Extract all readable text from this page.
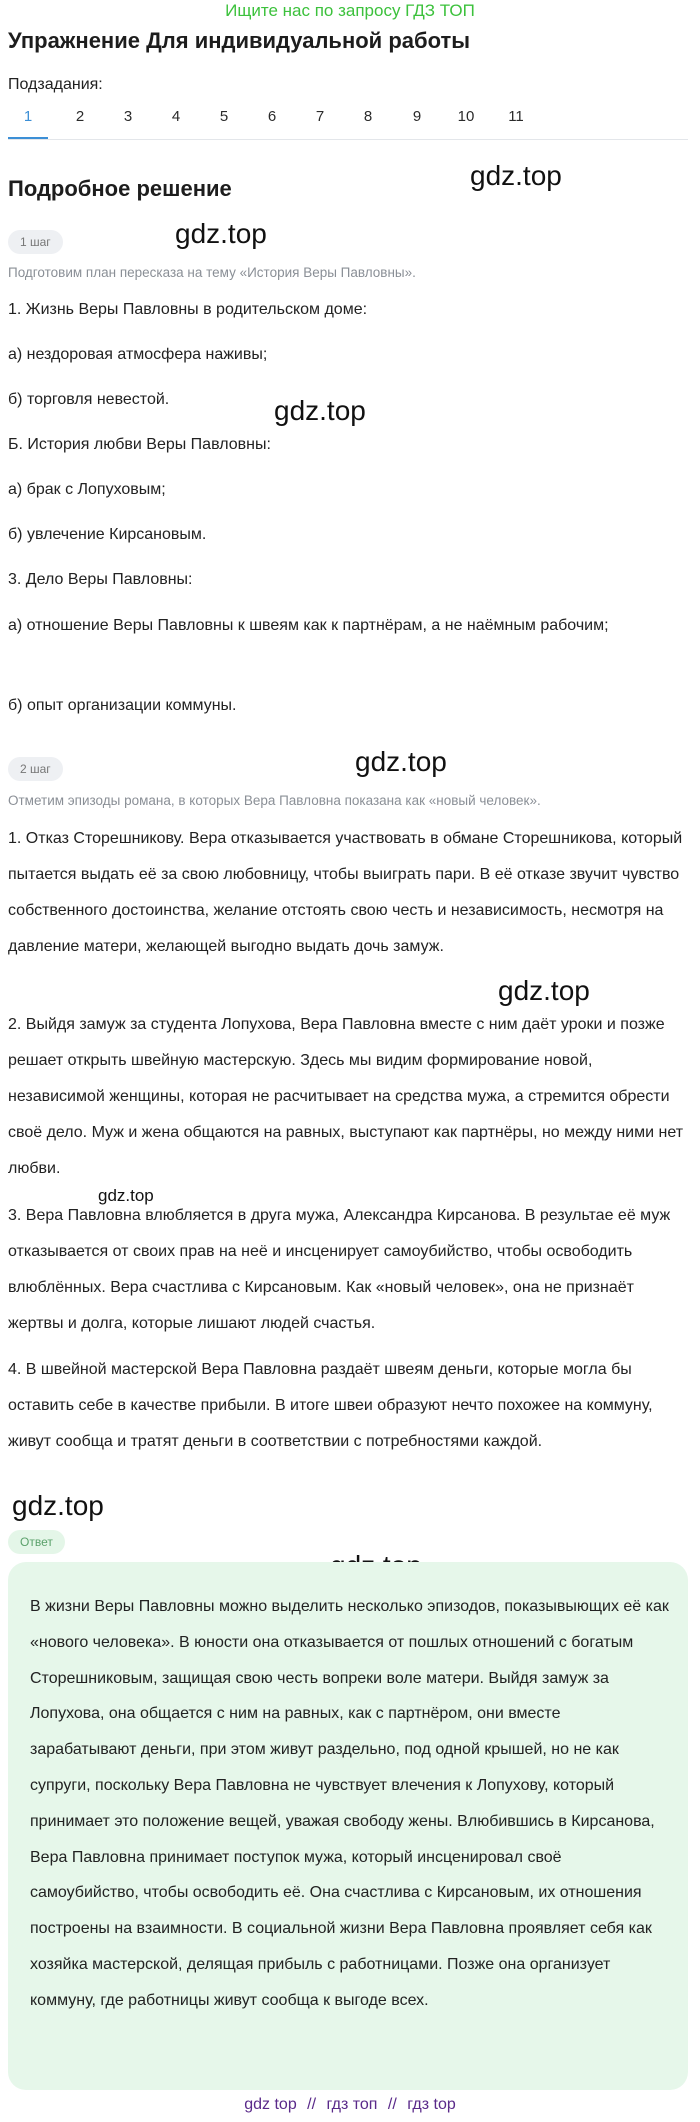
Ищите нас по запросу ГДЗ ТОП
Упражнение Для индивидуальной работы
Подзадания:
1	2	3	4	5	6	7	8	9	10	11
Подробное решение	gdz.top
gdz.top
gdz.top
gdz.top
gdz.top
gdz.top
gdz.top
1 шаг
Подготовим план пересказа на тему «История Веры Павловны».
1. Жизнь Веры Павловны в родительском доме:
а) нездоровая атмосфера наживы;
б) торговля невестой.
Б. История любви Веры Павловны:
а) брак с Лопуховым;
б) увлечение Кирсановым.
3. Дело Веры Павловны:
а) отношение Веры Павловны к швеям как к партнёрам, а не наёмным рабочим;
б) опыт организации коммуны.
2 шаг
Отметим эпизоды романа, в которых Вера Павловна показана как «новый человек».
1. Отказ Сторешникову. Вера отказывается участвовать в обмане Сторешникова, который пытается выдать её за свою любовницу, чтобы выиграть пари. В её отказе звучит чувство собственного достоинства, желание отстоять свою честь и независимость, несмотря на давление матери, желающей выгодно выдать дочь замуж.
2. Выйдя замуж за студента Лопухова, Вера Павловна вместе с ним даёт уроки и позже решает открыть швейную мастерскую. Здесь мы видим формирование новой, независимой женщины, которая не расчитывает на средства мужа, а стремится обрести своё дело. Муж и жена общаются на равных, выступают как партнёры, но между ними нет любви.
3. Вера Павловна влюбляется в друга мужа, Александра Кирсанова. В результае её муж отказывается от своих прав на неё и инсценирует самоубийство, чтобы освободить влюблённых. Вера счастлива с Кирсановым. Как «новый человек», она не признаёт жертвы и долга, которые лишают людей счастья.
4. В швейной мастерской Вера Павловна раздаёт швеям деньги, которые могла бы оставить себе в качестве прибыли. В итоге швеи образуют нечто похожее на коммуну, живут сообща и тратят деньги в соответствии с потребностями каждой.
Ответ
В жизни Веры Павловны можно выделить несколько эпизодов, показывыющих её как «нового человека». В юности она отказывается от пошлых отношений с богатым Сторешниковым, защищая свою честь вопреки воле матери. Выйдя замуж за Лопухова, она общается с ним на равных, как с партнёром, они вместе зарабатывают деньги, при этом живут раздельно, под одной крышей, но не как супруги, поскольку Вера Павловна не чувствует влечения к Лопухову, который принимает это положение вещей, уважая свободу жены. Влюбившись в Кирсанова, Вера Павловна принимает поступок мужа, который инсценировал своё самоубийство, чтобы освободить её. Она счастлива с Кирсановым, их отношения построены на взаимности. В социальной жизни Вера Павловна проявляет себя как хозяйка мастерской, делящая прибыль с работницами. Позже она организует коммуну, где работницы живут сообща к выгоде всех.
gdz top // гдз топ // гдз top
